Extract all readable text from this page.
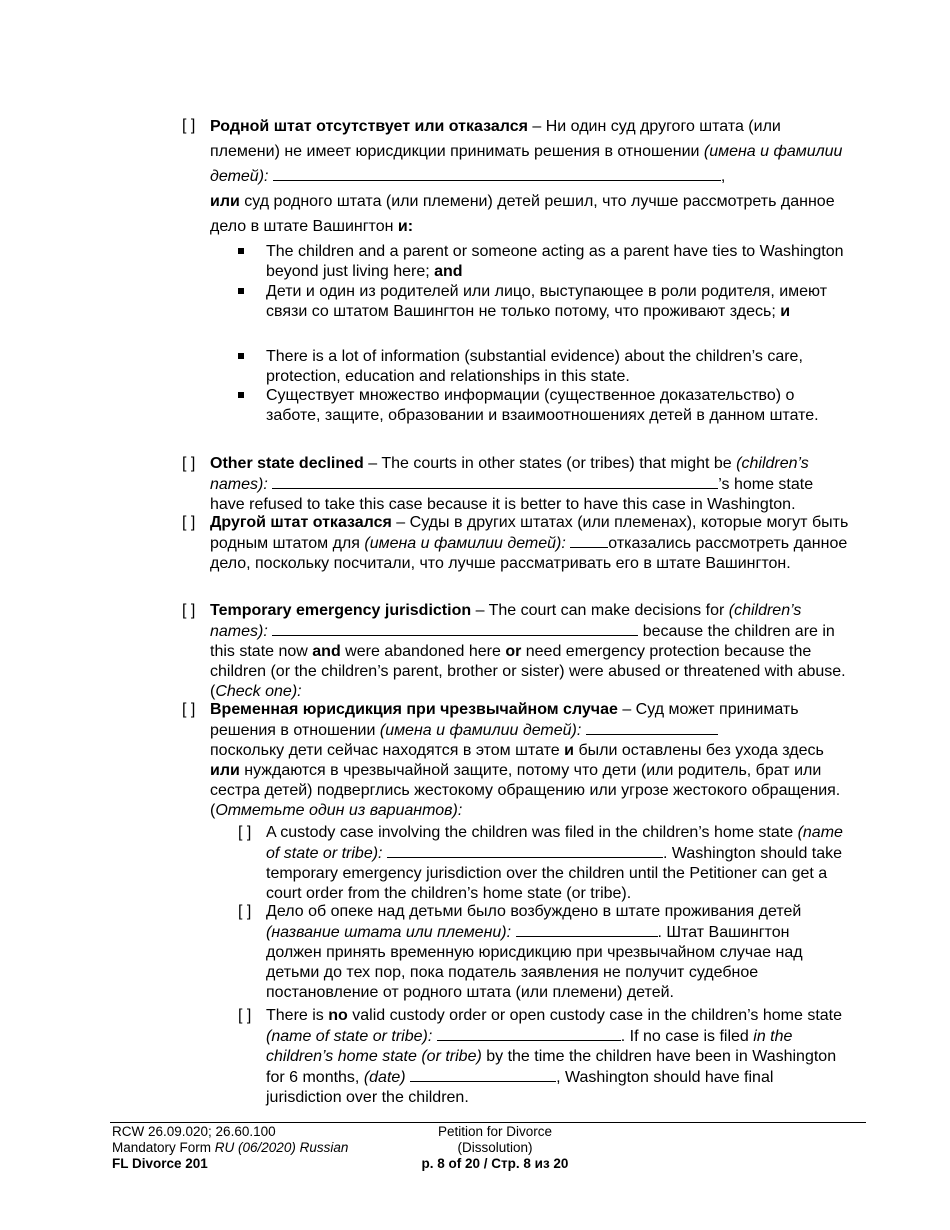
[ ] Родной штат отсутствует или отказался – Ни один суд другого штата (или племени) не имеет юрисдикции принимать решения в отношении (имена и фамилии детей):	,
или суд родного штата (или племени) детей решил, что лучше рассмотреть данное дело в штате Вашингтон и:
The children and a parent or someone acting as a parent have ties to Washington beyond just living here; and
Дети и один из родителей или лицо, выступающее в роли родителя, имеют связи со штатом Вашингтон не только потому, что проживают здесь; и
There is a lot of information (substantial evidence) about the children’s care, protection, education and relationships in this state.
Существует множество информации (существенное доказательство) о заботе, защите, образовании и взаимоотношениях детей в данном штате.
[ ] Other state declined – The courts in other states (or tribes) that might be (children’s names):	’s home state have refused to take this case because it is better to have this case in Washington.
[ ] Другой штат отказался – Суды в других штатах (или племенах), которые могут быть родным штатом для (имена и фамилии детей):	отказались рассмотреть данное дело, поскольку посчитали, что лучше рассматривать его в штате Вашингтон.
[ ] Temporary emergency jurisdiction – The court can make decisions for (children’s names):	because the children are in this state now and were abandoned here or need emergency protection because the children (or the children’s parent, brother or sister) were abused or threatened with abuse. (Check one):
[ ] Временная юрисдикция при чрезвычайном случае – Суд может принимать решения в отношении (имена и фамилии детей):
поскольку дети сейчас находятся в этом штате и были оставлены без ухода здесь или нуждаются в чрезвычайной защите, потому что дети (или родитель, брат или сестра детей) подверглись жестокому обращению или угрозе жестокого обращения. (Отметьте один из вариантов):
[ ] A custody case involving the children was filed in the children’s home state (name of state or tribe):	. Washington should take temporary emergency jurisdiction over the children until the Petitioner can get a court order from the children’s home state (or tribe).
[ ] Дело об опеке над детьми было возбуждено в штате проживания детей (название штата или племени):	. Штат Вашингтон должен принять временную юрисдикцию при чрезвычайном случае над детьми до тех пор, пока податель заявления не получит судебное постановление от родного штата (или племени) детей.
[ ] There is no valid custody order or open custody case in the children’s home state (name of state or tribe):	. If no case is filed in the children’s home state (or tribe) by the time the children have been in Washington for 6 months, (date)	, Washington should have final jurisdiction over the children.
RCW 26.09.020; 26.60.100
Mandatory Form RU (06/2020) Russian
FL Divorce 201
Petition for Divorce
(Dissolution)
p. 8 of 20 / Стр. 8 из 20
